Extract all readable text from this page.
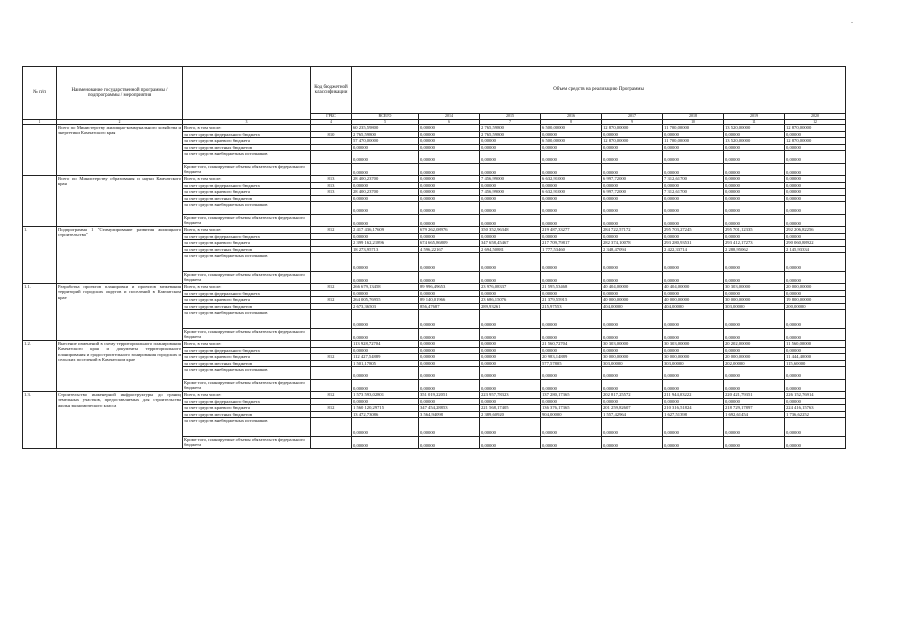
-
№ п/п	Наименование государственной программы / подпрограммы / мероприятия		Код бюджетной классификации	Объем средств на реализацию Программы								
			ГРБС	ВСЕГО	2014	2015	2016	2017	2018	2019	2020	
1	2	3	4	5	6	7	8	9	10	11	12	
	Всего по Министерству жилищно-коммунального хозяйства и энергетики Камчатского края	Всего, в том числе:		60 235,59800	0,00000	2 765,59800	6 500,00000	12 870,00000	11 700,00000	13 520,00000	12 870,00000	
		за счет средств федерального бюджета	810	2 765,59800	0,00000	2 765,59800	0,00000	0,00000	0,00000	0,00000	0,00000	
		за счет средств краевого бюджета		57 470,00000	0,00000	0,00000	6 500,00000	12 870,00000	11 700,00000	13 520,00000	12 870,00000	
		за счет средств местных бюджетов		0,00000	0,00000	0,00000	0,00000	0,00000	0,00000	0,00000	0,00000	
		за счет средств внебюджетных источников		0,00000	0,00000	0,00000	0,00000	0,00000	0,00000	0,00000	0,00000	
		Кроме того, планируемые объемы обязательств федерального бюджета		0,00000	0,00000	0,00000	0,00000	0,00000	0,00000	0,00000	0,00000	
	Всего по Министерству образования и науки Камчатского края	Всего, в том числе:	813	28 400,23700	0,00000	7 456,99000	6 632,91000	6 997,72000	7 312,61700	0,00000	0,00000	
		за счет средств федерального бюджета	813	0,00000	0,00000	0,00000	0,00000	0,00000	0,00000	0,00000	0,00000	
		за счет средств краевого бюджета	813	28 400,23700	0,00000	7 456,99000	6 632,91000	6 997,72000	7 312,61700	0,00000	0,00000	
		за счет средств местных бюджетов		0,00000	0,00000	0,00000	0,00000	0,00000	0,00000	0,00000	0,00000	
		за счет средств внебюджетных источников		0,00000	0,00000	0,00000	0,00000	0,00000	0,00000	0,00000	0,00000	
		Кроме того, планируемые объемы обязательств федерального бюджета		0,00000	0,00000	0,00000	0,00000	0,00000	0,00000	0,00000	0,00000	
1.	Подпрограмма 1 "Стимулирование развития жилищного строительства"	Всего, в том числе:	812	2 417 436,17609	679 262,08976	350 352,96348	219 487,33277	284 722,57172	295 703,27245	295 701,12335	292 206,82256	
		за счет средств федерального бюджета		0,00000	0,00000	0,00000	0,00000	0,00000	0,00000	0,00000	0,00000	
		за счет средств краевого бюджета		2 399 162,21896	674 665,86809	347 658,45467	217 709,79817	282 374,10078	293 280,93531	293 412,17273	290 060,88922	
		за счет средств местных бюджетов		18 273,95713	4 596,22167	2 694,50881	1 777,53460	2 348,47094	2 422,33714	2 288,95062	2 145,93334	
		за счет средств внебюджетных источников		0,00000	0,00000	0,00000	0,00000	0,00000	0,00000	0,00000	0,00000	
		Кроме того, планируемые объемы обязательств федерального бюджета		0,00000	0,00000	0,00000	0,00000	0,00000	0,00000	0,00000	0,00000	
1.1.	Разработка проектов планировки и проектов межевания территорий городских округов и поселений в Камчатском крае	Всего, в том числе:	812	266 679,13458	89 996,49653	23 976,08337	21 595,53468	40 404,00000	40 404,00000	30 303,00000	20 000,00000	
		за счет средств федерального бюджета		0,00000	0,00000	0,00000	0,00000	0,00000	0,00000	0,00000	0,00000	
		за счет средств краевого бюджета	812	264 005,76955	89 140,01966	23 686,15076	21 379,55915	40 000,00000	40 000,00000	30 000,00000	19 800,00000	
		за счет средств местных бюджетов		2 673,36503	856,47687	289,93261	215,97553	404,00000	404,00000	303,00000	200,00000	
		за счет средств внебюджетных источников		0,00000	0,00000	0,00000	0,00000	0,00000	0,00000	0,00000	0,00000	
		Кроме того, планируемые объемы обязательств федерального бюджета		0,00000	0,00000	0,00000	0,00000	0,00000	0,00000	0,00000	0,00000	
1.2.	Внесение изменений в схему территориального планирования Камчатского края и документы территориального планирования и градостроительного зонирования городских и сельских поселений в Камчатском крае	Всего, в том числе:		113 928,72704	0,00000	0,00000	21 560,72704	30 303,00000	30 303,00000	20 202,00000	11 560,00000	
		за счет средств федерального бюджета		0,00000	0,00000	0,00000	0,00000	0,00000	0,00000	0,00000	0,00000	
		за счет средств краевого бюджета	812	112 427,54889	0,00000	0,00000	20 983,14889	30 000,00000	30 000,00000	20 000,00000	11 444,40000	
		за счет средств местных бюджетов		1 501,17805	0,00000	0,00000	577,57805	303,00000	303,00000	202,00000	115,60000	
		за счет средств внебюджетных источников		0,00000	0,00000	0,00000	0,00000	0,00000	0,00000	0,00000	0,00000	
		Кроме того, планируемые объемы обязательств федерального бюджета		0,00000	0,00000	0,00000	0,00000	0,00000	0,00000	0,00000	0,00000	
1.3.	Строительство инженерной инфраструктуры до границ земельных участков, предоставляемых для строительства жилья экономического класса	Всего, в том числе:	812	1 573 593,02801	351 019,22051	223 957,78323	137 280,17365	202 817,25572	211 944,03222	220 421,79351	226 152,76914	
		за счет средств федерального бюджета		0,00000	0,00000	0,00000	0,00000	0,00000	0,00000	0,00000	0,00000	
		за счет средств краевого бюджета	812	1 560 120,29715	347 454,28853	221 568,17405	136 376,17365	201 259,82607	210 316,51824	218 729,17897	224 416,15763	
		за счет средств местных бюджетов		13 472,73086	3 564,94098	2 389,60920	904,00000	1 557,42964	1 627,51398	1 692,61454	1 736,62252	
		за счет средств внебюджетных источников		0,00000	0,00000	0,00000	0,00000	0,00000	0,00000	0,00000	0,00000	
		Кроме того, планируемые объемы обязательств федерального бюджета		0,00000	0,00000	0,00000	0,00000	0,00000	0,00000	0,00000	0,00000	
